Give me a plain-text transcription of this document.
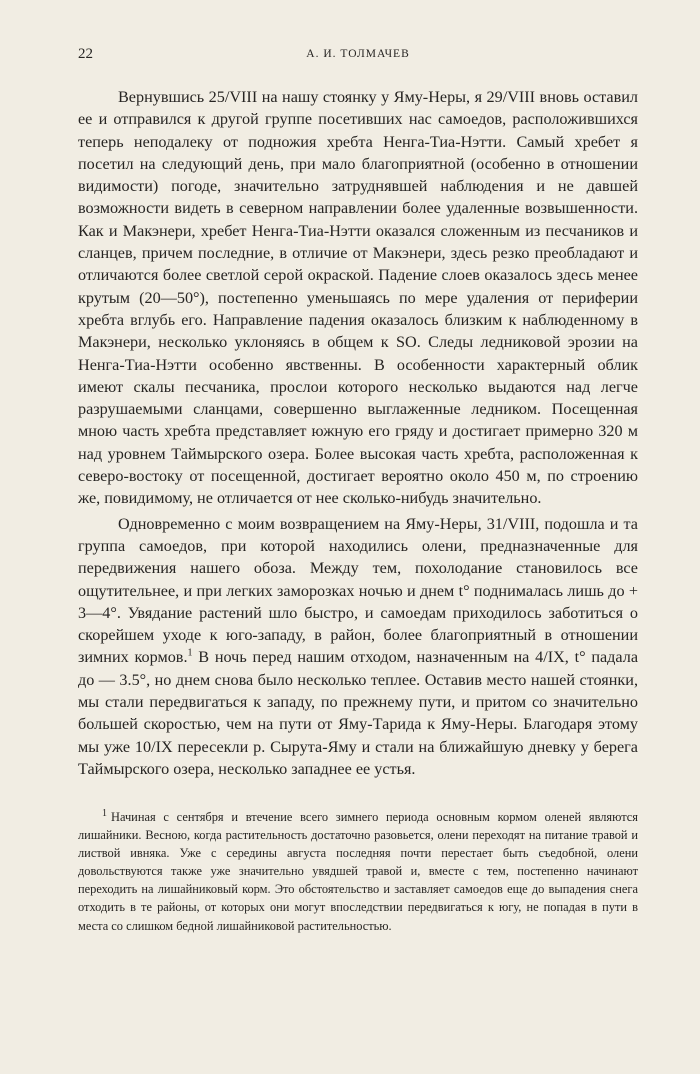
22	А. И. ТОЛМАЧЕВ

Вернувшись 25/VIII на нашу стоянку у Яму-Неры, я 29/VIII вновь оставил ее и отправился к другой группе посетивших нас самоедов, расположившихся теперь неподалеку от подножия хребта Ненга-Тиа-Нэтти. Самый хребет я посетил на следующий день, при мало благоприятной (особенно в отношении видимости) погоде, значительно затруднявшей наблюдения и не давшей возможности видеть в северном направлении более удаленные возвышенности. Как и Макэнери, хребет Ненга-Тиа-Нэтти оказался сложенным из песчаников и сланцев, причем последние, в отличие от Макэнери, здесь резко преобладают и отличаются более светлой серой окраской. Падение слоев оказалось здесь менее крутым (20—50°), постепенно уменьшаясь по мере удаления от периферии хребта вглубь его. Направление падения оказалось близким к наблюденному в Макэнери, несколько уклоняясь в общем к SO. Следы ледниковой эрозии на Ненга-Тиа-Нэтти особенно явственны. В особенности характерный облик имеют скалы песчаника, прослои которого несколько выдаются над легче разрушаемыми сланцами, совершенно выглаженные ледником. Посещенная мною часть хребта представляет южную его гряду и достигает примерно 320 м над уровнем Таймырского озера. Более высокая часть хребта, расположенная к северо-востоку от посещенной, достигает вероятно около 450 м, по строению же, повидимому, не отличается от нее сколько-нибудь значительно.

Одновременно с моим возвращением на Яму-Неры, 31/VIII, подошла и та группа самоедов, при которой находились олени, предназначенные для передвижения нашего обоза. Между тем, похолодание становилось все ощутительнее, и при легких заморозках ночью и днем t° поднималась лишь до + 3—4°. Увядание растений шло быстро, и самоедам приходилось заботиться о скорейшем уходе к юго-западу, в район, более благоприятный в отношении зимних кормов.$^1$ В ночь перед нашим отходом, назначенным на 4/IX, t° падала до — 3.5°, но днем снова было несколько теплее. Оставив место нашей стоянки, мы стали передвигаться к западу, по прежнему пути, и притом со значительно большей скоростью, чем на пути от Яму-Тарида к Яму-Неры. Благодаря этому мы уже 10/IX пересекли р. Сырута-Яму и стали на ближайшую дневку у берега Таймырского озера, несколько западнее ее устья.

$^1$ Начиная с сентября и втечение всего зимнего периода основным кормом оленей являются лишайники. Весною, когда растительность достаточно разовьется, олени переходят на питание травой и листвой ивняка. Уже с середины августа последняя почти перестает быть съедобной, олени довольствуются также уже значительно увядшей травой и, вместе с тем, постепенно начинают переходить на лишайниковый корм. Это обстоятельство и заставляет самоедов еще до выпадения снега отходить в те районы, от которых они могут впоследствии передвигаться к югу, не попадая в пути в места со слишком бедной лишайниковой растительностью.
